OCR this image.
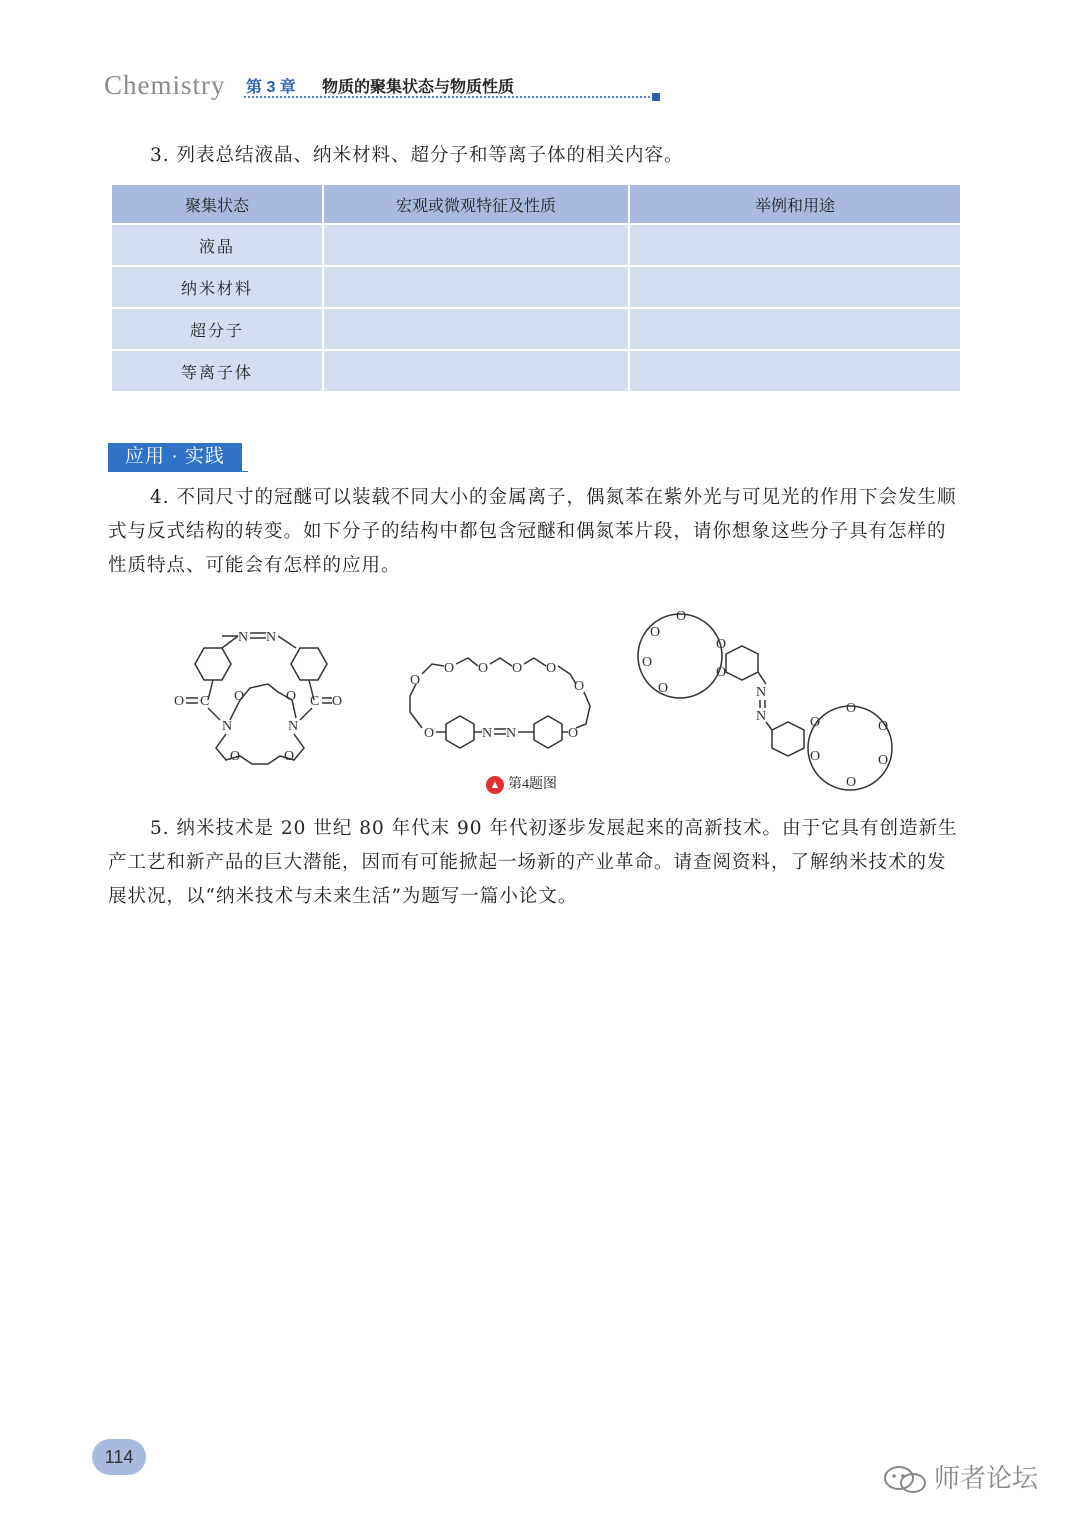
Chemistry 第 3 章 物质的聚集状态与物质性质
3. 列表总结液晶、纳米材料、超分子和等离子体的相关内容。
聚集状态	宏观或微观特征及性质	举例和用途
液晶		
纳米材料		
超分子		
等离子体		
应用 · 实践
4. 不同尺寸的冠醚可以装载不同大小的金属离子，偶氮苯在紫外光与可见光的作用下会发生顺式与反式结构的转变。如下分子的结构中都包含冠醚和偶氮苯片段，请你想象这些分子具有怎样的性质特点、可能会有怎样的应用。
N N
O C
N
C O
N
O	O
O	O
N N
O	O
O
O O O O
O	N
N
O
O
O
O
O
O
O
O
O
O
O
O
▲ 第4题图
5. 纳米技术是 20 世纪 80 年代末 90 年代初逐步发展起来的高新技术。由于它具有创造新生产工艺和新产品的巨大潜能，因而有可能掀起一场新的产业革命。请查阅资料，了解纳米技术的发展状况，以“纳米技术与未来生活”为题写一篇小论文。
114
师者论坛
